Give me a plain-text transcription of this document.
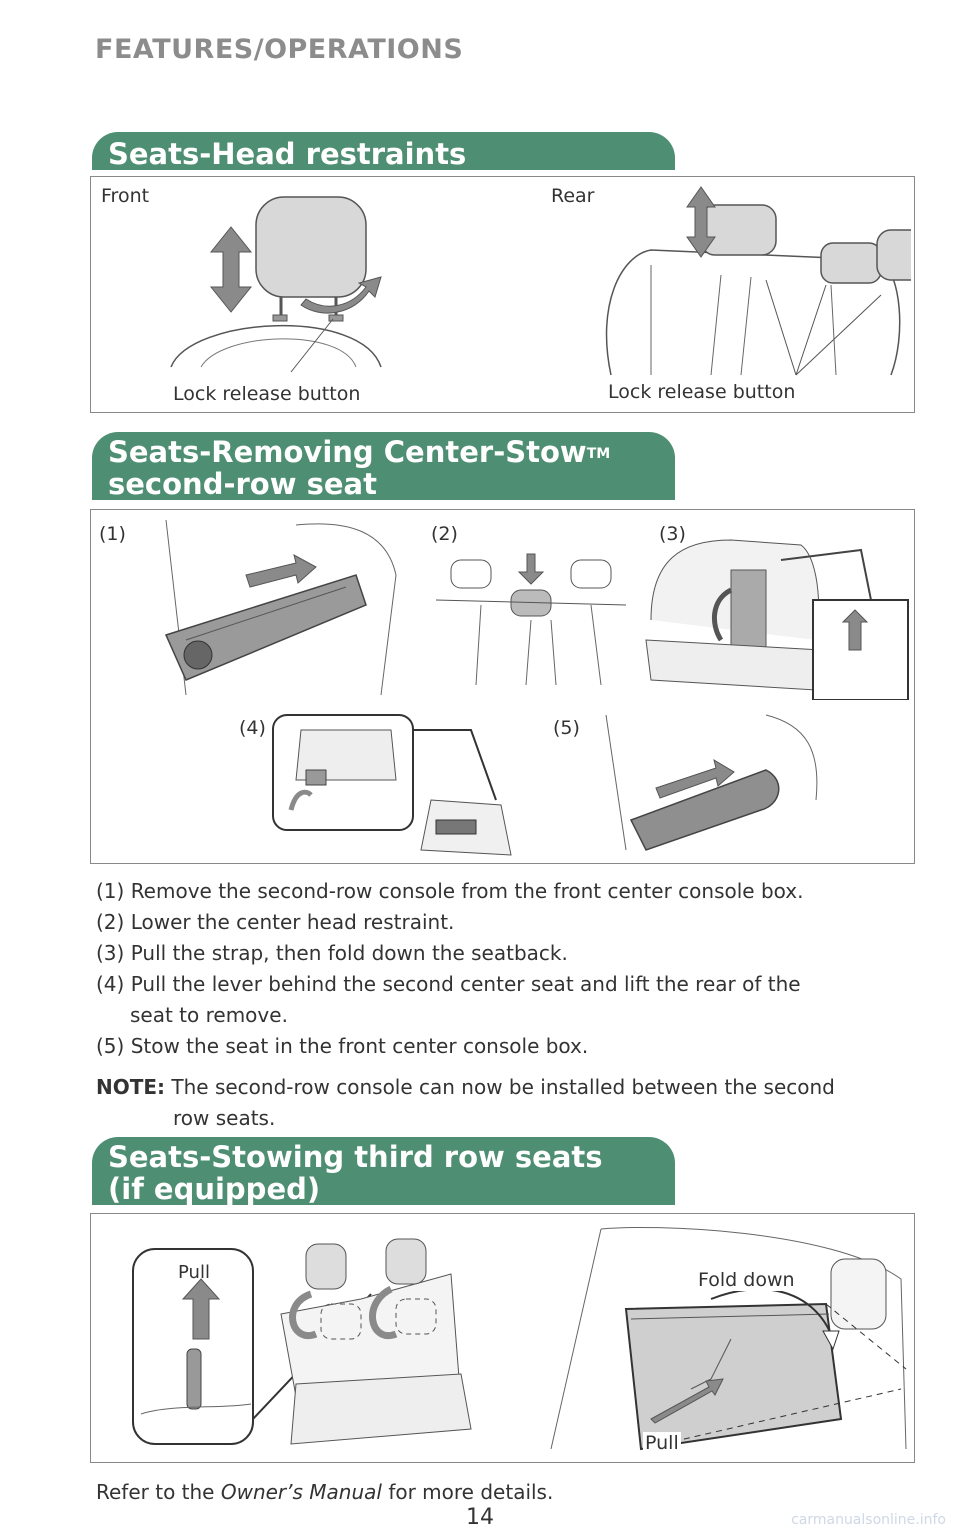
FEATURES/OPERATIONS
Seats-Head restraints
Front	Rear
Lock release button	Lock release button
Seats-Removing Center-Stow™
second-row seat
(1)	(2)	(3)
(4)	(5)

(1) Remove the second-row console from the front center console box.

(2) Lower the center head restraint.

(3) Pull the strap, then fold down the seatback.

(4) Pull the lever behind the second center seat and lift the rear of the

seat to remove.

(5) Stow the seat in the front center console box.

NOTE: The second-row console can now be installed between the second
row seats.
Seats-Stowing third row seats
(if equipped)
Pull	Fold down
Pull
Refer to the Owner’s Manual for more details.
14	carmanualsonline.info
